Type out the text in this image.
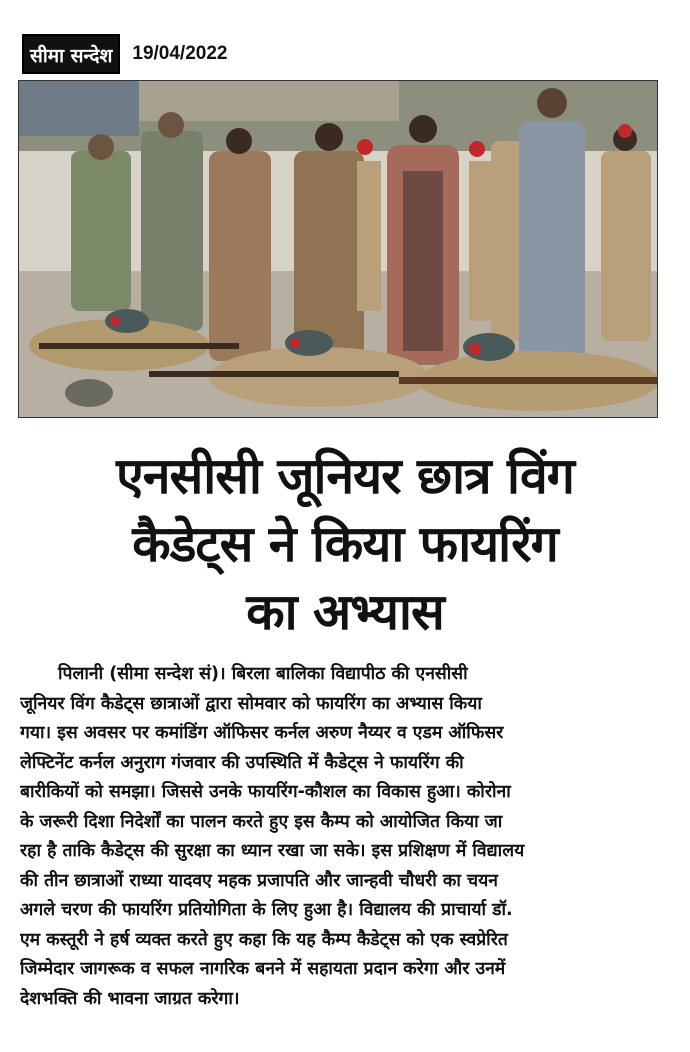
सीमा सन्देश	19/04/2022
एनसीसी जूनियर छात्र विंग
कैडेट्स ने किया फायरिंग
का अभ्यास
पिलानी (सीमा सन्देश सं)। बिरला बालिका विद्यापीठ की एनसीसी
जूनियर विंग कैडेट्स छात्राओं द्वारा सोमवार को फायरिंग का अभ्यास किया
गया। इस अवसर पर कमांडिंग ऑफिसर कर्नल अरुण नैय्यर व एडम ऑफिसर
लेफ्टिनेंट कर्नल अनुराग गंजवार की उपस्थिति में कैडेट्स ने फायरिंग की
बारीकियों को समझा। जिससे उनके फायरिंग-कौशल का विकास हुआ। कोरोना
के जरूरी दिशा निदेर्शों का पालन करते हुए इस कैम्प को आयोजित किया जा
रहा है ताकि कैडेट्स की सुरक्षा का ध्यान रखा जा सके। इस प्रशिक्षण में विद्यालय
की तीन छात्राओं राध्या यादवए महक प्रजापति और जान्हवी चौधरी का चयन
अगले चरण की फायरिंग प्रतियोगिता के लिए हुआ है। विद्यालय की प्राचार्या डॉ.
एम कस्तूरी ने हर्ष व्यक्त करते हुए कहा कि यह कैम्प कैडेट्स को एक स्वप्रेरित
जिम्मेदार जागरूक व सफल नागरिक बनने में सहायता प्रदान करेगा और उनमें
देशभक्ति की भावना जाग्रत करेगा।
